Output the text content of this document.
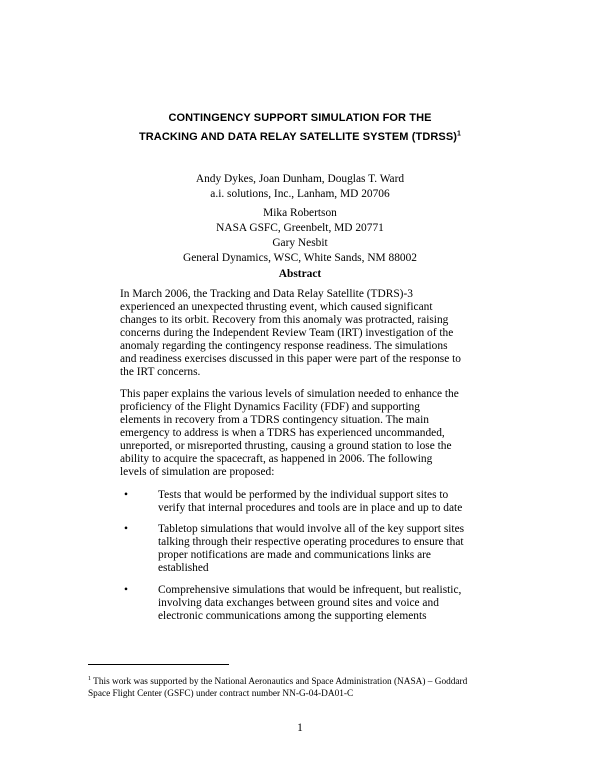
CONTINGENCY SUPPORT SIMULATION FOR THE
TRACKING AND DATA RELAY SATELLITE SYSTEM (TDRSS)$^1$
Andy Dykes, Joan Dunham, Douglas T. Ward
a.i. solutions, Inc., Lanham, MD 20706
Mika Robertson
NASA GSFC, Greenbelt, MD 20771
Gary Nesbit
General Dynamics, WSC, White Sands, NM 88002
Abstract
In March 2006, the Tracking and Data Relay Satellite (TDRS)-3
experienced an unexpected thrusting event, which caused significant
changes to its orbit. Recovery from this anomaly was protracted, raising
concerns during the Independent Review Team (IRT) investigation of the
anomaly regarding the contingency response readiness. The simulations
and readiness exercises discussed in this paper were part of the response to
the IRT concerns.
This paper explains the various levels of simulation needed to enhance the
proficiency of the Flight Dynamics Facility (FDF) and supporting
elements in recovery from a TDRS contingency situation. The main
emergency to address is when a TDRS has experienced uncommanded,
unreported, or misreported thrusting, causing a ground station to lose the
ability to acquire the spacecraft, as happened in 2006. The following
levels of simulation are proposed:
•	Tests that would be performed by the individual support sites to
verify that internal procedures and tools are in place and up to date
•	Tabletop simulations that would involve all of the key support sites
talking through their respective operating procedures to ensure that
proper notifications are made and communications links are
established
•	Comprehensive simulations that would be infrequent, but realistic,
involving data exchanges between ground sites and voice and
electronic communications among the supporting elements
$^1$ This work was supported by the National Aeronautics and Space Administration (NASA) – Goddard
Space Flight Center (GSFC) under contract number NN-G-04-DA01-C
1
